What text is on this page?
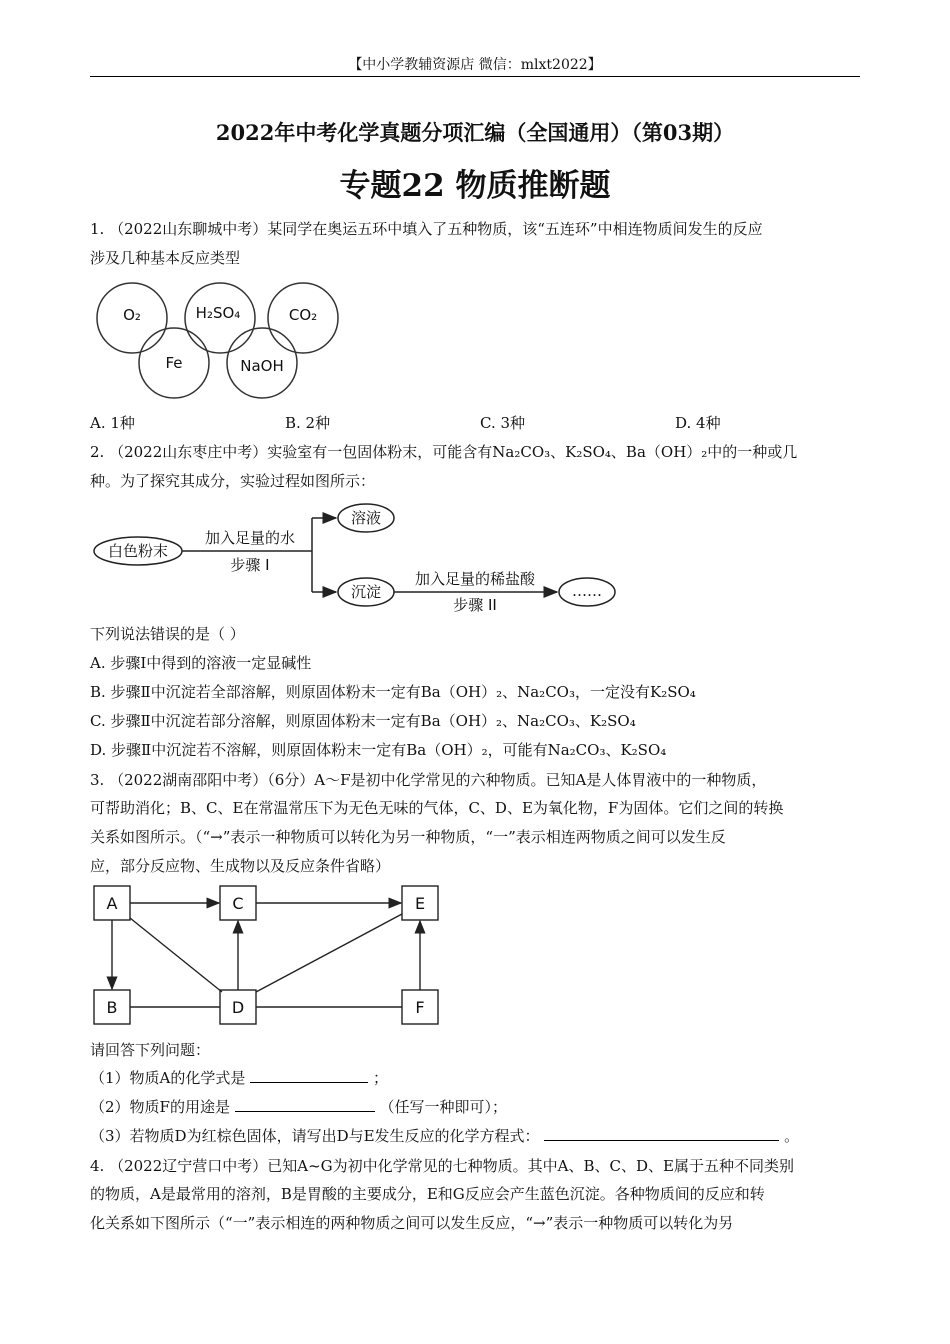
【中小学教辅资源店 微信：mlxt2022】
2022年中考化学真题分项汇编（全国通用）（第03期）
专题22 物质推断题
1. （2022山东聊城中考）某同学在奥运五环中填入了五种物质，该“五连环”中相连物质间发生的反应
涉及几种基本反应类型
O₂	H₂SO₄	CO₂
Fe	NaOH
A. 1种	B. 2种	C. 3种	D. 4种
2. （2022山东枣庄中考）实验室有一包固体粉末，可能含有Na₂CO₃、K₂SO₄、Ba（OH）₂中的一种或几
种。为了探究其成分，实验过程如图所示：
白色粉末
加入足量的水
步骤 I
溶液
沉淀
加入足量的稀盐酸
步骤 II
……
下列说法错误的是（ ）
A. 步骤Ⅰ中得到的溶液一定显碱性
B. 步骤Ⅱ中沉淀若全部溶解，则原固体粉末一定有Ba（OH）₂、Na₂CO₃，一定没有K₂SO₄
C. 步骤Ⅱ中沉淀若部分溶解，则原固体粉末一定有Ba（OH）₂、Na₂CO₃、K₂SO₄
D. 步骤Ⅱ中沉淀若不溶解，则原固体粉末一定有Ba（OH）₂，可能有Na₂CO₃、K₂SO₄
3. （2022湖南邵阳中考）（6分）A～F是初中化学常见的六种物质。已知A是人体胃液中的一种物质，
可帮助消化；B、C、E在常温常压下为无色无味的气体，C、D、E为氧化物，F为固体。它们之间的转换
关系如图所示。（“→”表示一种物质可以转化为另一种物质，“一”表示相连两物质之间可以发生反
应，部分反应物、生成物以及反应条件省略）
A	C	E
B	D	F
请回答下列问题：
（1）物质A的化学式是	；
（2）物质F的用途是	（任写一种即可）；
（3）若物质D为红棕色固体，请写出D与E发生反应的化学方程式：	。
4. （2022辽宁营口中考）已知A~G为初中化学常见的七种物质。其中A、B、C、D、E属于五种不同类别
的物质，A是最常用的溶剂，B是胃酸的主要成分，E和G反应会产生蓝色沉淀。各种物质间的反应和转
化关系如下图所示（“一”表示相连的两种物质之间可以发生反应，“→”表示一种物质可以转化为另
